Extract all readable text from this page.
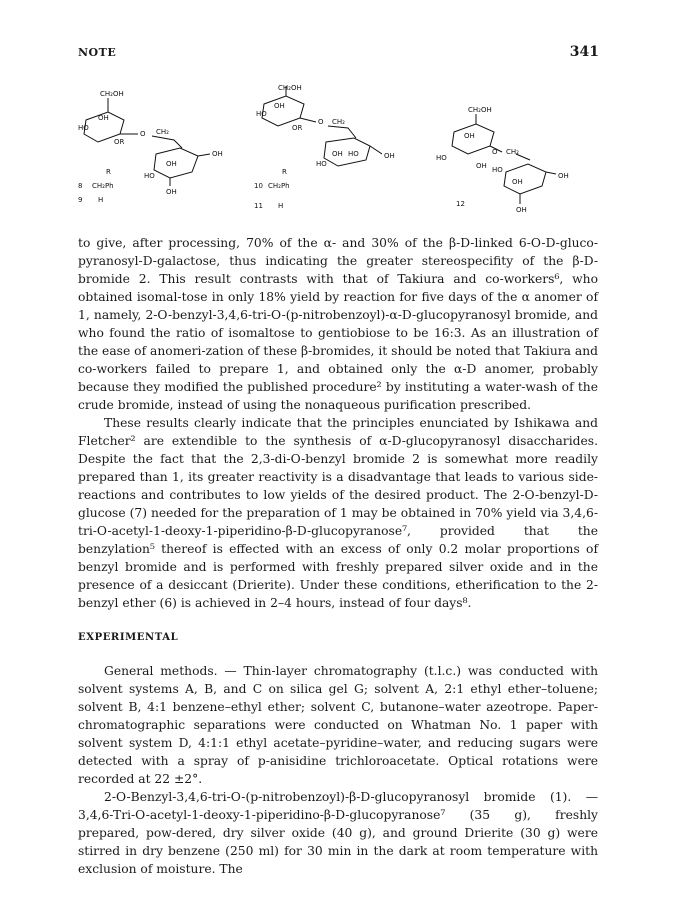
NOTE	341
CH₂OH
OH
HO
O CH₂
OR
OH
HO
OH
OH
R
8 CH₂Ph
9 H
CH₂OH
OH
HO
O CH₂
OR
OH HO
HO
OH
R
10 CH₂Ph
11 H
CH₂OH
OH
HO
O CH₂
OH HO
OH
OH
OH
12

to give, after processing, 70% of the α- and 30% of the β-D-linked 6-O-D-gluco-pyranosyl-D-galactose, thus indicating the greater stereospecifity of the β-D-bromide 2. This result contrasts with that of Takiura and co-workers⁶, who obtained isomal-tose in only 18% yield by reaction for five days of the α anomer of 1, namely, 2-O-benzyl-3,4,6-tri-O-(p-nitrobenzoyl)-α-D-glucopyranosyl bromide, and who found the ratio of isomaltose to gentiobiose to be 16:3. As an illustration of the ease of anomeri-zation of these β-bromides, it should be noted that Takiura and co-workers failed to prepare 1, and obtained only the α-D anomer, probably because they modified the published procedure² by instituting a water-wash of the crude bromide, instead of using the nonaqueous purification prescribed.

These results clearly indicate that the principles enunciated by Ishikawa and Fletcher² are extendible to the synthesis of α-D-glucopyranosyl disaccharides. Despite the fact that the 2,3-di-O-benzyl bromide 2 is somewhat more readily prepared than 1, its greater reactivity is a disadvantage that leads to various side-reactions and contributes to low yields of the desired product. The 2-O-benzyl-D-glucose (7) needed for the preparation of 1 may be obtained in 70% yield via 3,4,6-tri-O-acetyl-1-deoxy-1-piperidino-β-D-glucopyranose⁷, provided that the benzylation⁵ thereof is effected with an excess of only 0.2 molar proportions of benzyl bromide and is performed with freshly prepared silver oxide and in the presence of a desiccant (Drierite). Under these conditions, etherification to the 2-benzyl ether (6) is achieved in 2–4 hours, instead of four days⁸.

EXPERIMENTAL

General methods. — Thin-layer chromatography (t.l.c.) was conducted with solvent systems A, B, and C on silica gel G; solvent A, 2:1 ethyl ether–toluene; solvent B, 4:1 benzene–ethyl ether; solvent C, butanone–water azeotrope. Paper-chromatographic separations were conducted on Whatman No. 1 paper with solvent system D, 4:1:1 ethyl acetate–pyridine–water, and reducing sugars were detected with a spray of p-anisidine trichloroacetate. Optical rotations were recorded at 22 ±2°.

2-O-Benzyl-3,4,6-tri-O-(p-nitrobenzoyl)-β-D-glucopyranosyl bromide (1). — 3,4,6-Tri-O-acetyl-1-deoxy-1-piperidino-β-D-glucopyranose⁷ (35 g), freshly prepared, pow-dered, dry silver oxide (40 g), and ground Drierite (30 g) were stirred in dry benzene (250 ml) for 30 min in the dark at room temperature with exclusion of moisture. The
